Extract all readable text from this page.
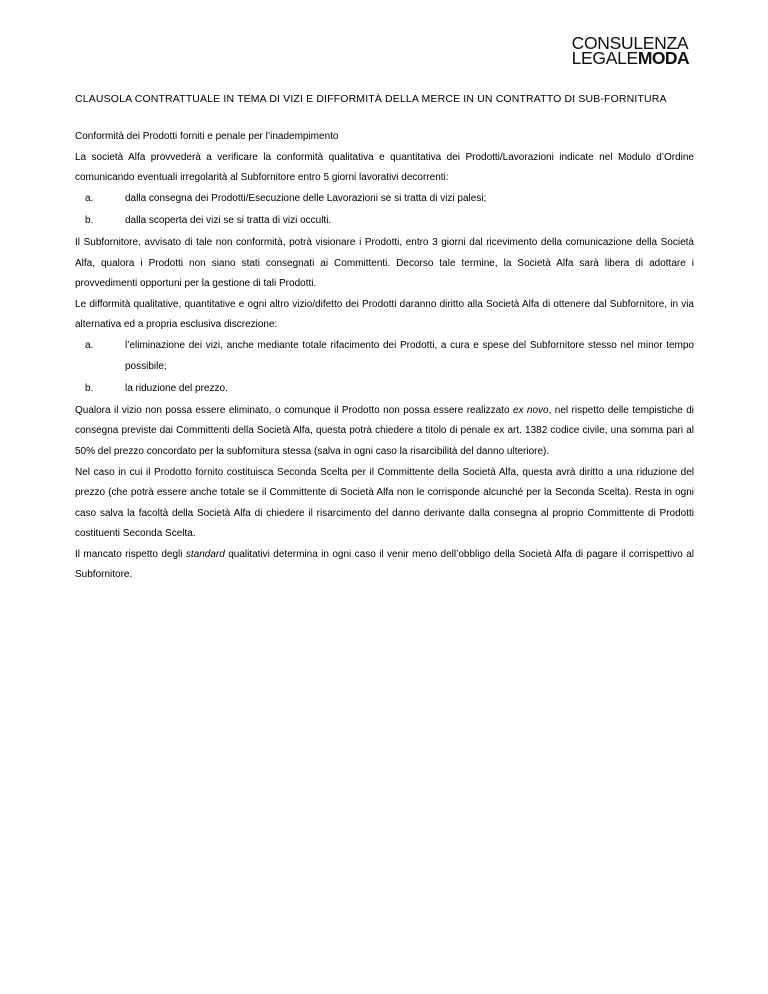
CONSULENZA
LEGALEMODA
CLAUSOLA CONTRATTUALE IN TEMA DI VIZI E DIFFORMITÀ DELLA MERCE IN UN CONTRATTO DI SUB-FORNITURA
Conformità dei Prodotti forniti e penale per l’inadempimento

La società Alfa provvederà a verificare la conformità qualitativa e quantitativa dei Prodotti/Lavorazioni indicate nel Modulo d’Ordine comunicando eventuali irregolarità al Subfornitore entro 5 giorni lavorativi decorrenti:

a.	dalla consegna dei Prodotti/Esecuzione delle Lavorazioni se si tratta di vizi palesi;
b.	dalla scoperta dei vizi se si tratta di vizi occulti.

Il Subfornitore, avvisato di tale non conformità, potrà visionare i Prodotti, entro 3 giorni dal ricevimento della comunicazione della Società Alfa, qualora i Prodotti non siano stati consegnati ai Committenti. Decorso tale termine, la Società Alfa sarà libera di adottare i provvedimenti opportuni per la gestione di tali Prodotti.

Le difformità qualitative, quantitative e ogni altro vizio/difetto dei Prodotti daranno diritto alla Società Alfa di ottenere dal Subfornitore, in via alternativa ed a propria esclusiva discrezione:

a.	l’eliminazione dei vizi, anche mediante totale rifacimento dei Prodotti, a cura e spese del Subfornitore stesso nel minor tempo possibile;
b.	la riduzione del prezzo.

Qualora il vizio non possa essere eliminato, o comunque il Prodotto non possa essere realizzato ex novo, nel rispetto delle tempistiche di consegna previste dai Committenti della Società Alfa, questa potrà chiedere a titolo di penale ex art. 1382 codice civile, una somma pari al 50% del prezzo concordato per la subfornitura stessa (salva in ogni caso la risarcibilità del danno ulteriore).

Nel caso in cui il Prodotto fornito costituisca Seconda Scelta per il Committente della Società Alfa, questa avrà diritto a una riduzione del prezzo (che potrà essere anche totale se il Committente di Società Alfa non le corrisponde alcunché per la Seconda Scelta). Resta in ogni caso salva la facoltà della Società Alfa di chiedere il risarcimento del danno derivante dalla consegna al proprio Committente di Prodotti costituenti Seconda Scelta.

Il mancato rispetto degli standard qualitativi determina in ogni caso il venir meno dell’obbligo della Società Alfa di pagare il corrispettivo al Subfornitore.
